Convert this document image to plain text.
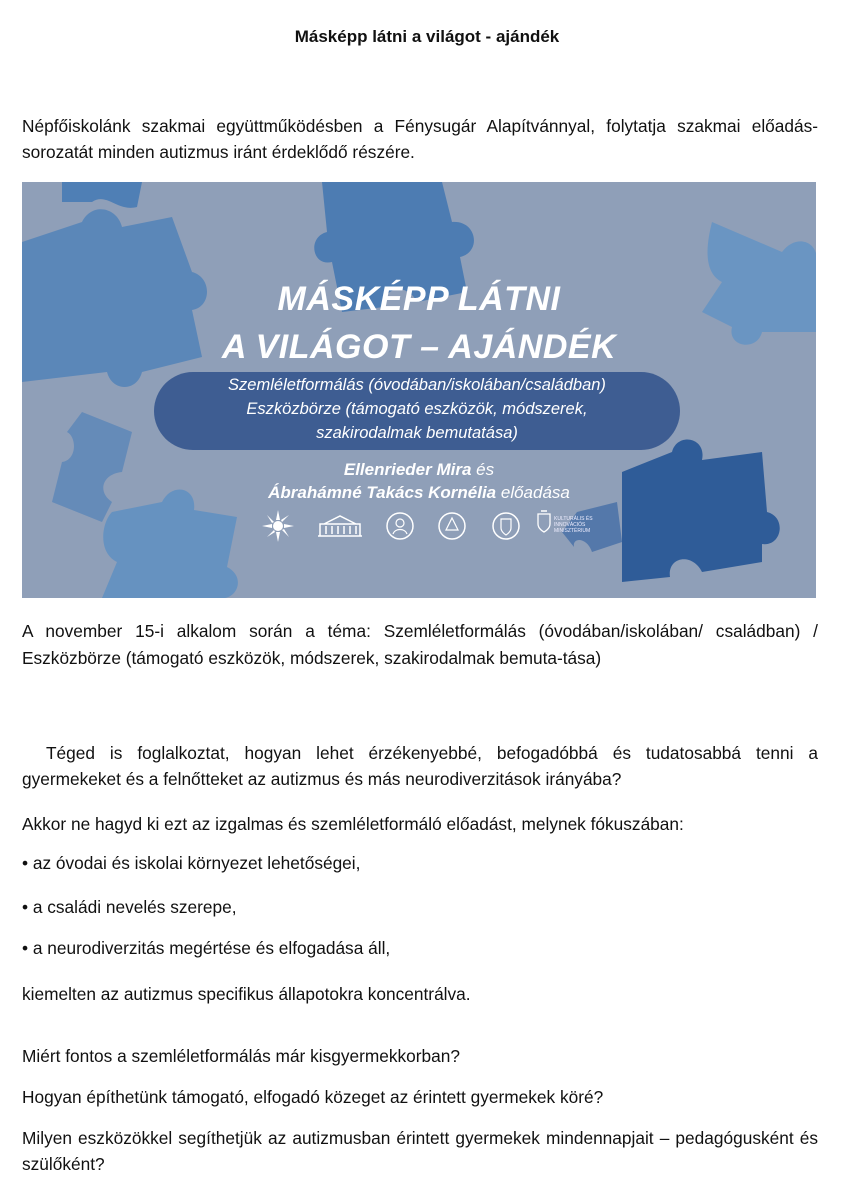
Másképp látni a világot - ajándék
Népfőiskolánk szakmai együttműködésben a Fénysugár Alapítvánnyal, folytatja szakmai előadás-sorozatát minden autizmus iránt érdeklődő részére.
MÁSKÉPP LÁTNI
A VILÁGOT – AJÁNDÉK
Szemléletformálás (óvodában/iskolában/családban)
Eszközbörze (támogató eszközök, módszerek,
szakirodalmak bemutatása)
Ellenrieder Mira és
Ábrahámné Takács Kornélia előadása
KULTURÁLIS ÉS INNOVÁCIÓS MINISZTÉRIUM
A november 15-i alkalom során a téma: Szemléletformálás (óvodában/iskolában/ családban) / Eszközbörze (támogató eszközök, módszerek, szakirodalmak bemuta-tása)
Téged is foglalkoztat, hogyan lehet érzékenyebbé, befogadóbbá és tudatosabbá tenni a gyermekeket és a felnőtteket az autizmus és más neurodiverzitások irányába?
Akkor ne hagyd ki ezt az izgalmas és szemléletformáló előadást, melynek fókuszában:
• az óvodai és iskolai környezet lehetőségei,
• a családi nevelés szerepe,
• a neurodiverzitás megértése és elfogadása áll,
kiemelten az autizmus specifikus állapotokra koncentrálva.
Miért fontos a szemléletformálás már kisgyermekkorban?
Hogyan építhetünk támogató, elfogadó közeget az érintett gyermekek köré?
Milyen eszközökkel segíthetjük az autizmusban érintett gyermekek mindennapjait – pedagógusként és szülőként?
